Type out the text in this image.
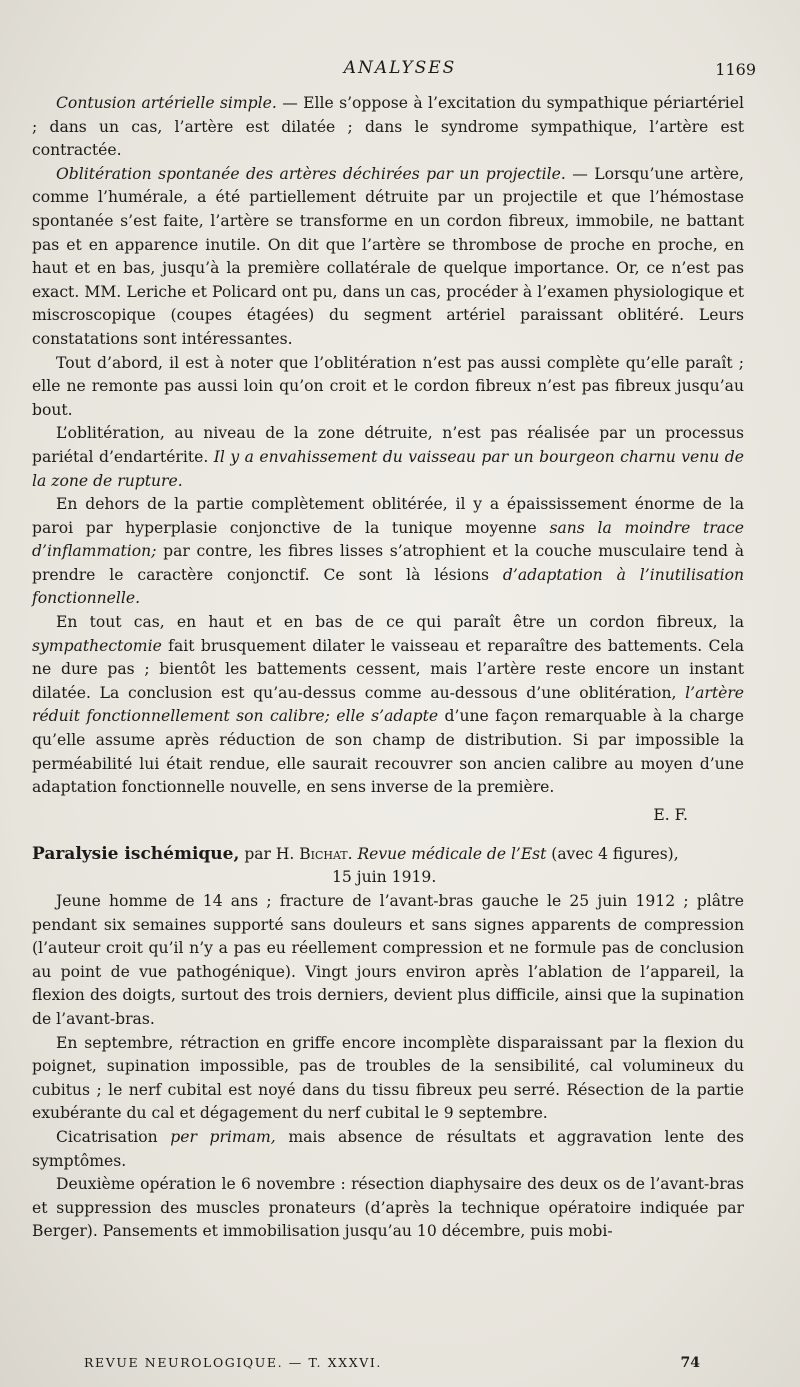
ANALYSES	1169

Contusion artérielle simple. — Elle s’oppose à l’excitation du sympathique périartériel ; dans un cas, l’artère est dilatée ; dans le syndrome sympathique, l’artère est contractée.

Oblitération spontanée des artères déchirées par un projectile. — Lorsqu’une artère, comme l’humérale, a été partiellement détruite par un projectile et que l’hémostase spontanée s’est faite, l’artère se transforme en un cordon fibreux, immobile, ne battant pas et en apparence inutile. On dit que l’artère se thrombose de proche en proche, en haut et en bas, jusqu’à la première collatérale de quelque importance. Or, ce n’est pas exact. MM. Leriche et Policard ont pu, dans un cas, procéder à l’examen physiologique et miscroscopique (coupes étagées) du segment artériel paraissant oblitéré. Leurs constatations sont intéressantes.

Tout d’abord, il est à noter que l’oblitération n’est pas aussi complète qu’elle paraît ; elle ne remonte pas aussi loin qu’on croit et le cordon fibreux n’est pas fibreux jusqu’au bout.

L’oblitération, au niveau de la zone détruite, n’est pas réalisée par un processus pariétal d’endartérite. Il y a envahissement du vaisseau par un bourgeon charnu venu de la zone de rupture.

En dehors de la partie complètement oblitérée, il y a épaississement énorme de la paroi par hyperplasie conjonctive de la tunique moyenne sans la moindre trace d’inflammation; par contre, les fibres lisses s’atrophient et la couche musculaire tend à prendre le caractère conjonctif. Ce sont là lésions d’adaptation à l’inutilisation fonctionnelle.

En tout cas, en haut et en bas de ce qui paraît être un cordon fibreux, la sympathectomie fait brusquement dilater le vaisseau et reparaître des battements. Cela ne dure pas ; bientôt les battements cessent, mais l’artère reste encore un instant dilatée. La conclusion est qu’au-dessus comme au-dessous d’une oblitération, l’artère réduit fonctionnellement son calibre; elle s’adapte d’une façon remarquable à la charge qu’elle assume après réduction de son champ de distribution. Si par impossible la perméabilité lui était rendue, elle saurait recouvrer son ancien calibre au moyen d’une adaptation fonctionnelle nouvelle, en sens inverse de la première.

E. F.

Paralysie ischémique, par H. Bichat. Revue médicale de l’Est (avec 4 figures),

15 juin 1919.

Jeune homme de 14 ans ; fracture de l’avant-bras gauche le 25 juin 1912 ; plâtre pendant six semaines supporté sans douleurs et sans signes apparents de compression (l’auteur croit qu’il n’y a pas eu réellement compression et ne formule pas de conclusion au point de vue pathogénique). Vingt jours environ après l’ablation de l’appareil, la flexion des doigts, surtout des trois derniers, devient plus difficile, ainsi que la supination de l’avant-bras.

En septembre, rétraction en griffe encore incomplète disparaissant par la flexion du poignet, supination impossible, pas de troubles de la sensibilité, cal volumineux du cubitus ; le nerf cubital est noyé dans du tissu fibreux peu serré. Résection de la partie exubérante du cal et dégagement du nerf cubital le 9 septembre.

Cicatrisation per primam, mais absence de résultats et aggravation lente des symptômes.

Deuxième opération le 6 novembre : résection diaphysaire des deux os de l’avant-bras et suppression des muscles pronateurs (d’après la technique opératoire indiquée par Berger). Pansements et immobilisation jusqu’au 10 décembre, puis mobi-

REVUE NEUROLOGIQUE. — T. XXXVI.	74
